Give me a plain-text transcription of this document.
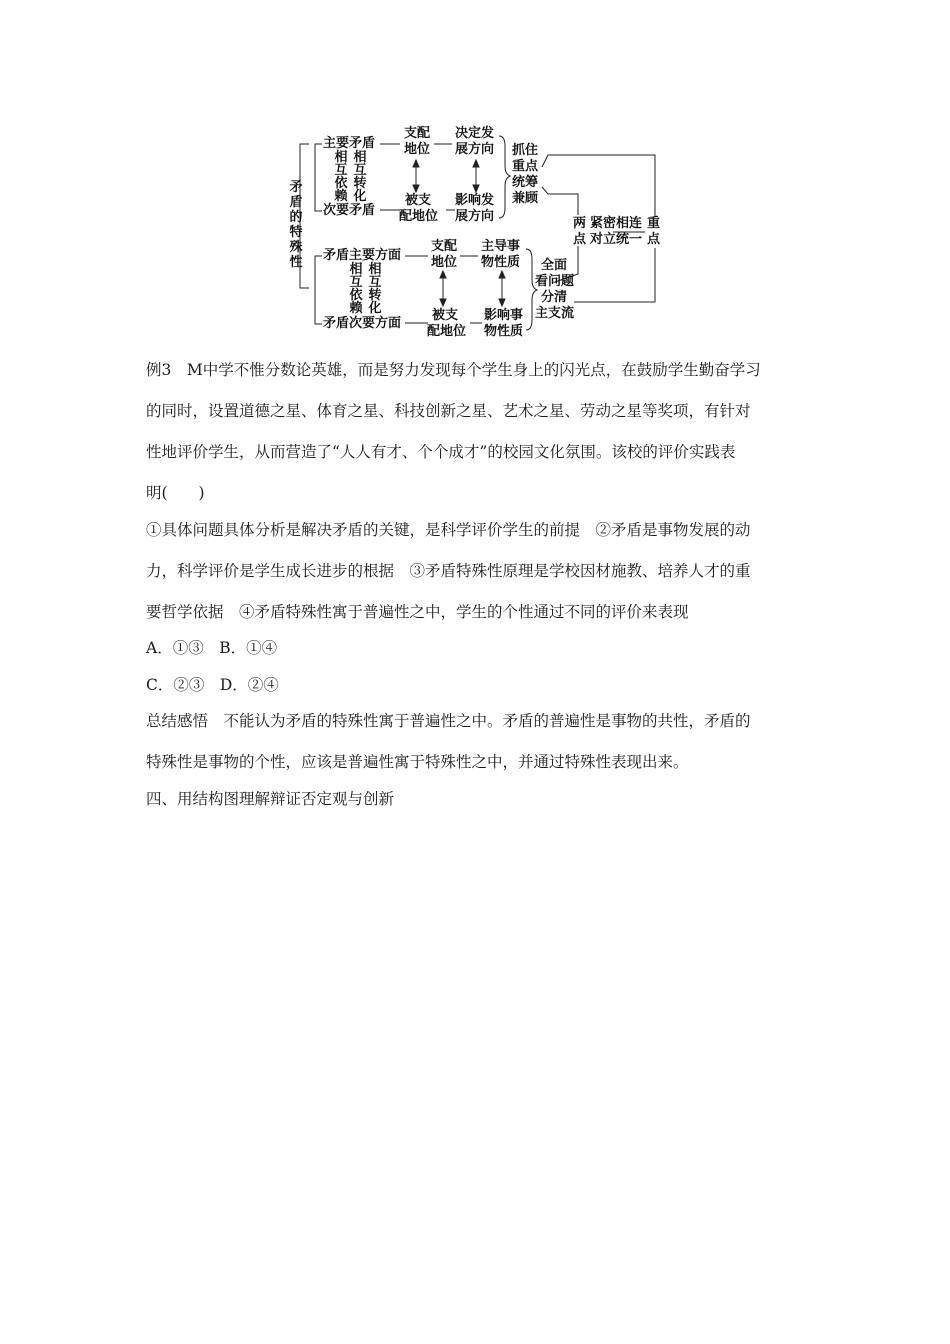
矛盾的特殊性
主要矛盾
次要矛盾
相互依赖
相互转化
支配
地位
被支
配地位
决定发
展方向
影响发
展方向
抓住
重点
统筹
兼顾
两
点
紧密相连
对立统一
重
点
矛盾主要方面
矛盾次要方面
相互依赖
相互转化
支配
地位
被支
配地位
主导事
物性质
影响事
物性质
全面
看问题
分清
主支流
例3　M中学不惟分数论英雄，而是努力发现每个学生身上的闪光点，在鼓励学生勤奋学习
的同时，设置道德之星、体育之星、科技创新之星、艺术之星、劳动之星等奖项，有针对
性地评价学生，从而营造了“人人有才、个个成才”的校园文化氛围。该校的评价实践表
明(　　)
①具体问题具体分析是解决矛盾的关键，是科学评价学生的前提　②矛盾是事物发展的动
力，科学评价是学生成长进步的根据　③矛盾特殊性原理是学校因材施教、培养人才的重
要哲学依据　④矛盾特殊性寓于普遍性之中，学生的个性通过不同的评价来表现
A．①③　B．①④
C．②③　D．②④
总结感悟　不能认为矛盾的特殊性寓于普遍性之中。矛盾的普遍性是事物的共性，矛盾的
特殊性是事物的个性，应该是普遍性寓于特殊性之中，并通过特殊性表现出来。
四、用结构图理解辩证否定观与创新
